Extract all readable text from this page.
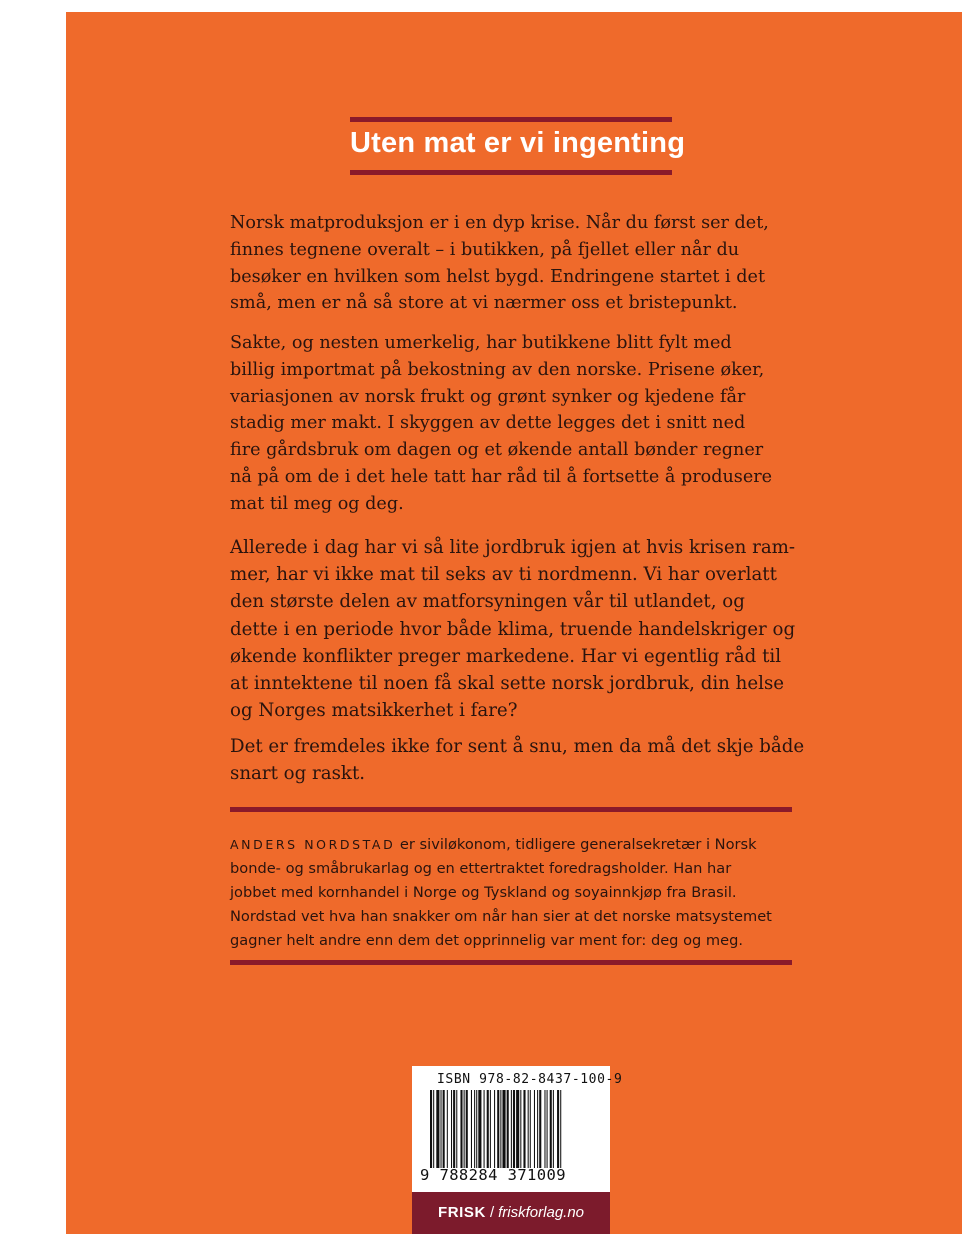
Uten mat er vi ingenting
Norsk matproduksjon er i en dyp krise. Når du først ser det,
finnes tegnene overalt – i butikken, på fjellet eller når du
besøker en hvilken som helst bygd. Endringene startet i det
små, men er nå så store at vi nærmer oss et bristepunkt.
Sakte, og nesten umerkelig, har butikkene blitt fylt med
billig importmat på bekostning av den norske. Prisene øker,
variasjonen av norsk frukt og grønt synker og kjedene får
stadig mer makt. I skyggen av dette legges det i snitt ned
fire gårdsbruk om dagen og et økende antall bønder regner
nå på om de i det hele tatt har råd til å fortsette å produsere
mat til meg og deg.
Allerede i dag har vi så lite jordbruk igjen at hvis krisen ram-
mer, har vi ikke mat til seks av ti nordmenn. Vi har overlatt
den største delen av matforsyningen vår til utlandet, og
dette i en periode hvor både klima, truende handelskriger og
økende konflikter preger markedene. Har vi egentlig råd til
at inntektene til noen få skal sette norsk jordbruk, din helse
og Norges matsikkerhet i fare?
Det er fremdeles ikke for sent å snu, men da må det skje både
snart og raskt.
ANDERS NORDSTAD er siviløkonom, tidligere generalsekretær i Norsk
bonde- og småbrukarlag og en ettertraktet foredragsholder. Han har
jobbet med kornhandel i Norge og Tyskland og soyainnkjøp fra Brasil.
Nordstad vet hva han snakker om når han sier at det norske matsystemet
gagner helt andre enn dem det opprinnelig var ment for: deg og meg.
ISBN 978-82-8437-100-9
9 788284 371009
FRISK / friskforlag.no
